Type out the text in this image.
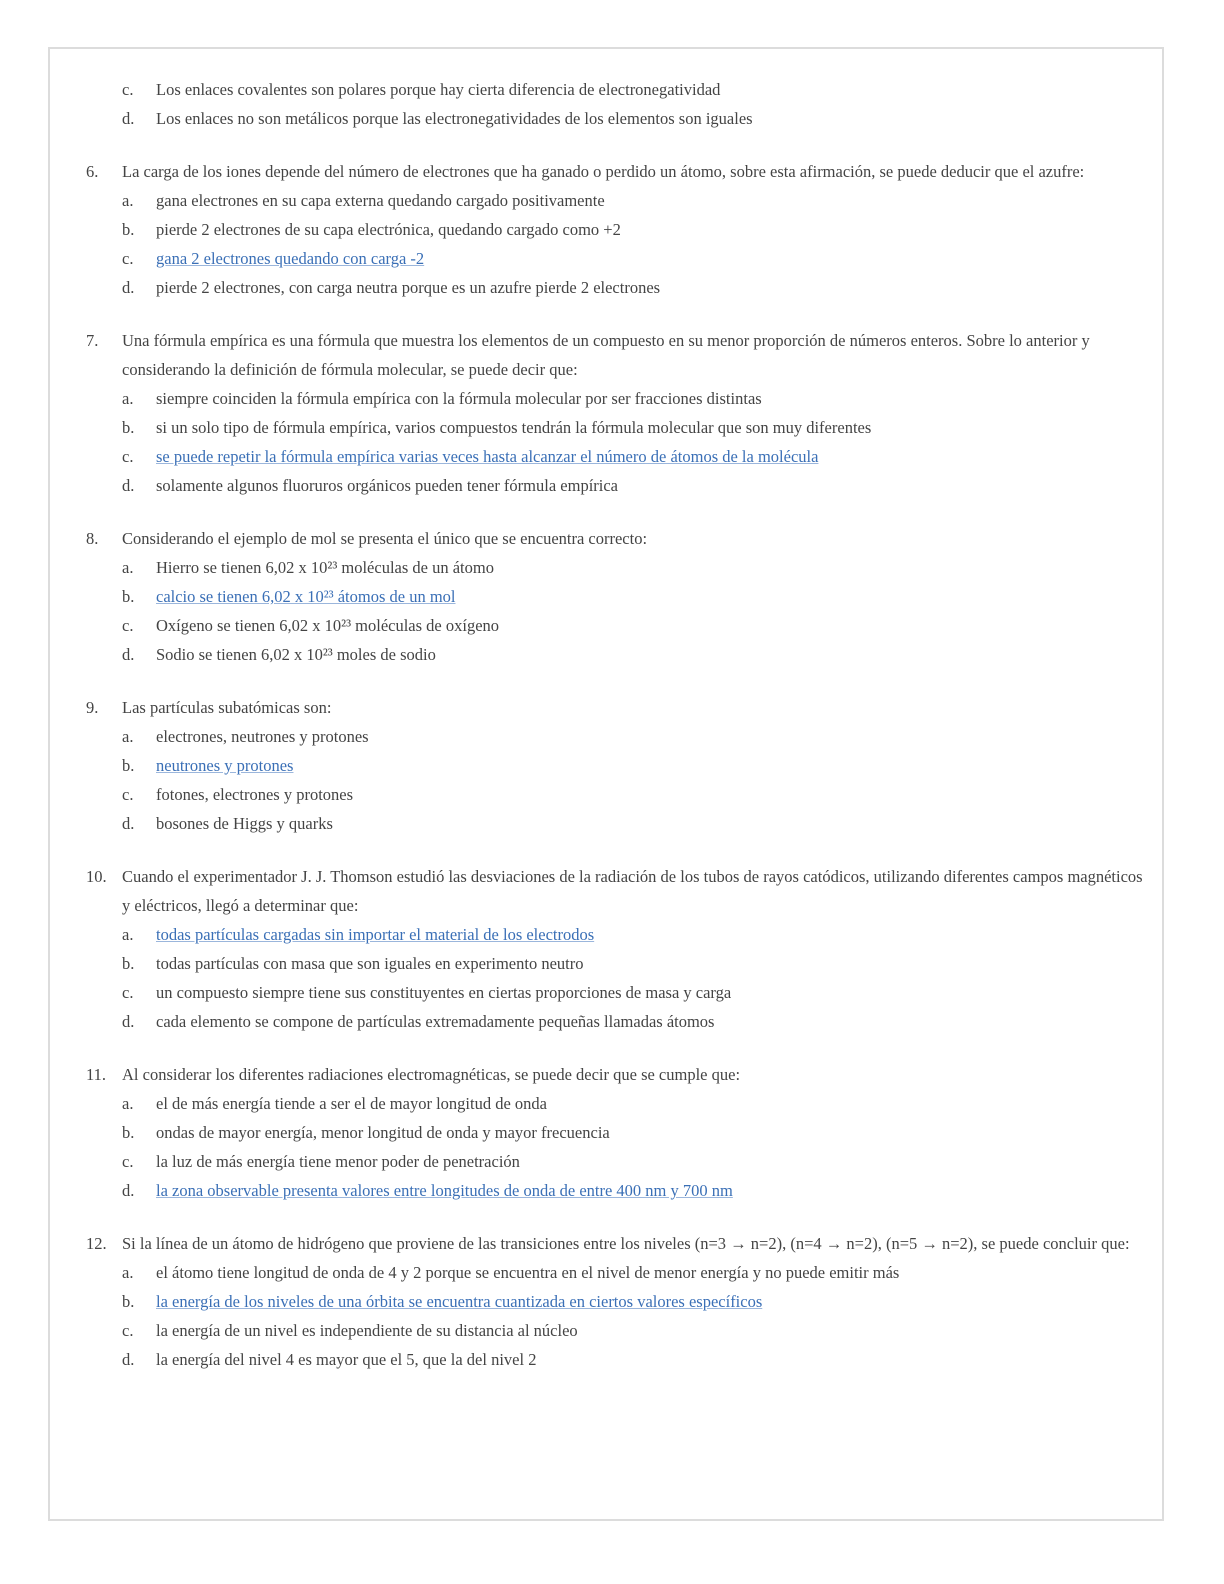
c.	Los enlaces covalentes son polares porque hay cierta diferencia de electronegatividad
d.	Los enlaces no son metálicos porque las electronegatividades de los elementos son iguales
6.	La carga de los iones depende del número de electrones que ha ganado o perdido un átomo, sobre esta afirmación, se puede deducir que el azufre:
a.	gana electrones en su capa externa quedando cargado positivamente
b.	pierde 2 electrones de su capa electrónica, quedando cargado como +2
c.	gana 2 electrones quedando con carga -2
d.	pierde 2 electrones, con carga neutra porque es un azufre pierde 2 electrones
7.	Una fórmula empírica es una fórmula que muestra los elementos de un compuesto en su menor proporción de números enteros. Sobre lo anterior y considerando la definición de fórmula molecular, se puede decir que:
a.	siempre coinciden la fórmula empírica con la fórmula molecular por ser fracciones distintas
b.	si un solo tipo de fórmula empírica, varios compuestos tendrán la fórmula molecular que son muy diferentes
c.	se puede repetir la fórmula empírica varias veces hasta alcanzar el número de átomos de la molécula
d.	solamente algunos fluoruros orgánicos pueden tener fórmula empírica
8.	Considerando el ejemplo de mol se presenta el único que se encuentra correcto:
a.	Hierro se tienen 6,02 x 10²³ moléculas de un átomo
b.	calcio se tienen 6,02 x 10²³ átomos de un mol
c.	Oxígeno se tienen 6,02 x 10²³ moléculas de oxígeno
d.	Sodio se tienen 6,02 x 10²³ moles de sodio
9.	Las partículas subatómicas son:
a.	electrones, neutrones y protones
b.	neutrones y protones
c.	fotones, electrones y protones
d.	bosones de Higgs y quarks
10. Cuando el experimentador J. J. Thomson estudió las desviaciones de la radiación de los tubos de rayos catódicos, utilizando diferentes campos magnéticos y eléctricos, llegó a determinar que:
a.	todas partículas cargadas sin importar el material de los electrodos
b.	todas partículas con masa que son iguales en experimento neutro
c.	un compuesto siempre tiene sus constituyentes en ciertas proporciones de masa y carga
d.	cada elemento se compone de partículas extremadamente pequeñas llamadas átomos
11. Al considerar los diferentes radiaciones electromagnéticas, se puede decir que se cumple que:
a.	el de más energía tiende a ser el de mayor longitud de onda
b.	ondas de mayor energía, menor longitud de onda y mayor frecuencia
c.	la luz de más energía tiene menor poder de penetración
d.	la zona observable presenta valores entre longitudes de onda de entre 400 nm y 700 nm
12. Si la línea de un átomo de hidrógeno que proviene de las transiciones entre los niveles (n=3 → n=2), (n=4 → n=2), (n=5 → n=2), se puede concluir que:
a.	el átomo tiene longitud de onda de 4 y 2 porque se encuentra en el nivel de menor energía y no puede emitir más
b.	la energía de los niveles de una órbita se encuentra cuantizada en ciertos valores específicos
c.	la energía de un nivel es independiente de su distancia al núcleo
d.	la energía del nivel 4 es mayor que el 5, que la del nivel 2
